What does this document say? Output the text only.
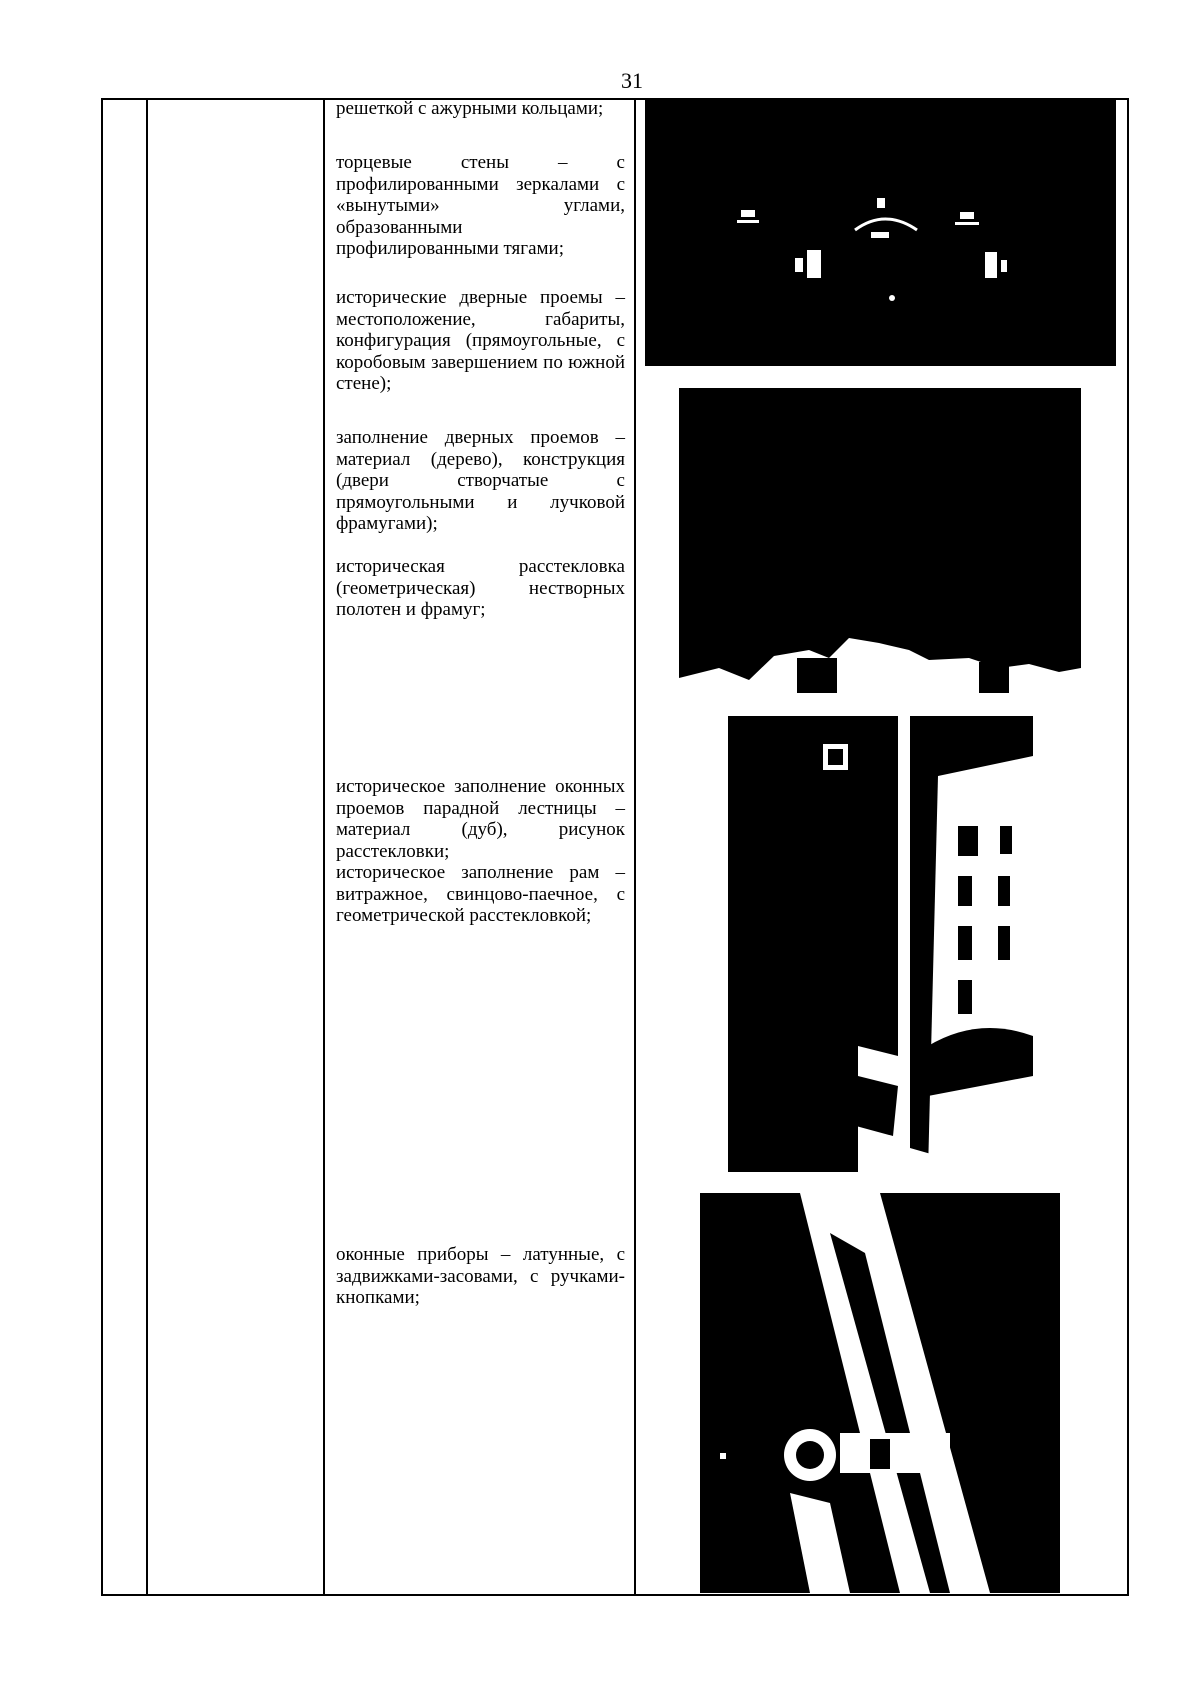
31

решеткой с ажурными кольцами;

торцевые стены – с профилированными зеркалами с «вынутыми» углами, образованными профилированными тягами;

исторические дверные проемы – местоположение, габариты, конфигурация (прямоугольные, с коробовым завершением по южной стене);

заполнение дверных проемов – материал (дерево), конструкция (двери створчатые с прямоугольными и лучковой фрамугами);

историческая расстекловка (геометрическая) нестворных полотен и фрамуг;

историческое заполнение оконных проемов парадной лестницы – материал (дуб), рисунок расстекловки;

историческое заполнение рам – витражное, свинцово-паечное, с геометрической расстекловкой;

оконные приборы – латунные, с задвижками-засовами, с ручками-кнопками;
